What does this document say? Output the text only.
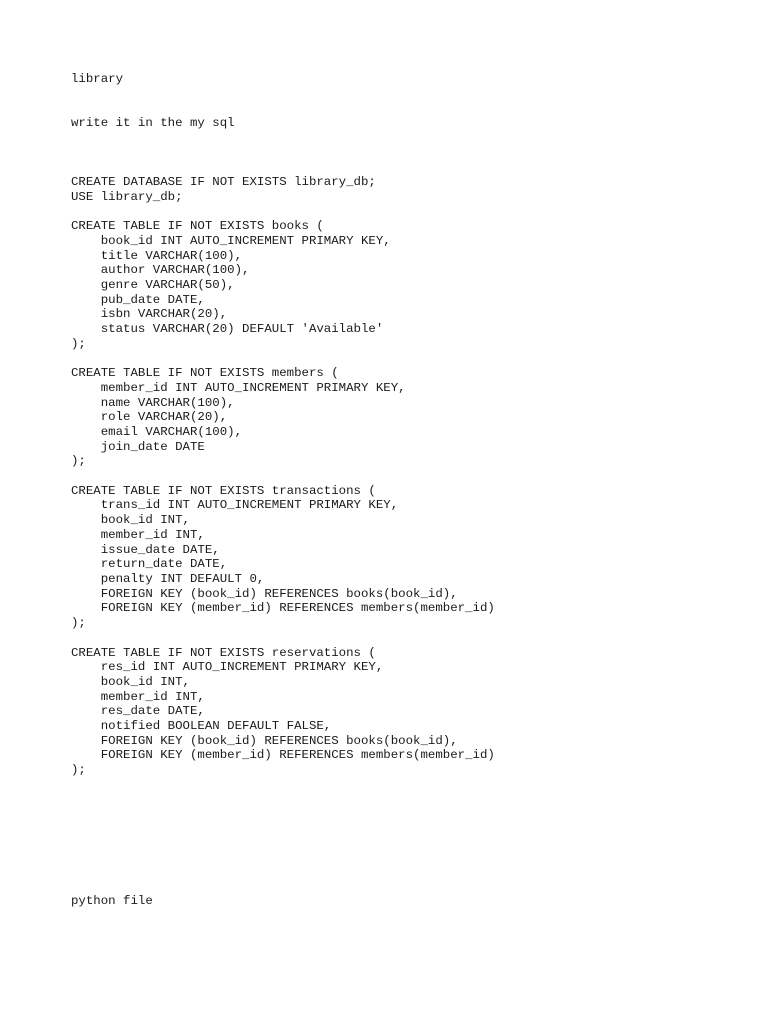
library

write it in the my sql

CREATE DATABASE IF NOT EXISTS library_db;
USE library_db;

CREATE TABLE IF NOT EXISTS books (
book_id INT AUTO_INCREMENT PRIMARY KEY,
title VARCHAR(100),
author VARCHAR(100),
genre VARCHAR(50),
pub_date DATE,
isbn VARCHAR(20),
status VARCHAR(20) DEFAULT 'Available'
);

CREATE TABLE IF NOT EXISTS members (
member_id INT AUTO_INCREMENT PRIMARY KEY,
name VARCHAR(100),
role VARCHAR(20),
email VARCHAR(100),
join_date DATE
);

CREATE TABLE IF NOT EXISTS transactions (
trans_id INT AUTO_INCREMENT PRIMARY KEY,
book_id INT,
member_id INT,
issue_date DATE,
return_date DATE,
penalty INT DEFAULT 0,
FOREIGN KEY (book_id) REFERENCES books(book_id),
FOREIGN KEY (member_id) REFERENCES members(member_id)
);

CREATE TABLE IF NOT EXISTS reservations (
res_id INT AUTO_INCREMENT PRIMARY KEY,
book_id INT,
member_id INT,
res_date DATE,
notified BOOLEAN DEFAULT FALSE,
FOREIGN KEY (book_id) REFERENCES books(book_id),
FOREIGN KEY (member_id) REFERENCES members(member_id)
);

python file
